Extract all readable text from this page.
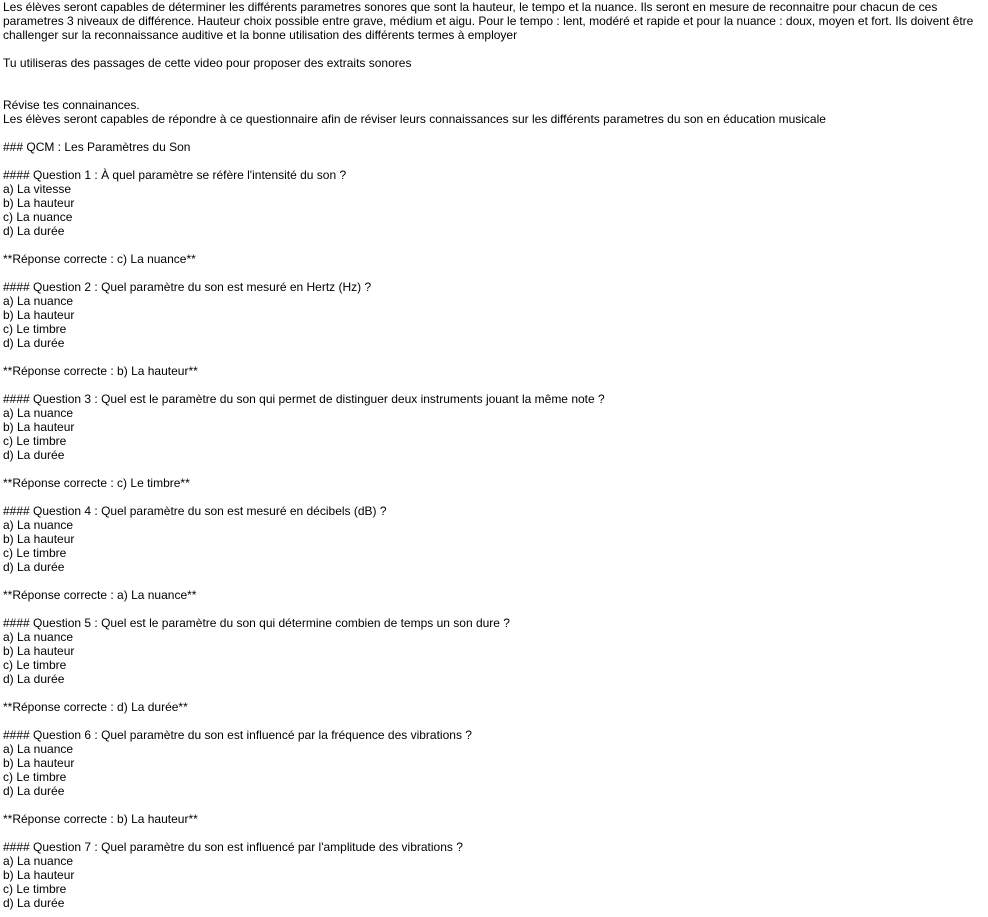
Les élèves seront capables de déterminer les différents parametres sonores que sont la hauteur, le tempo et la nuance. Ils seront en mesure de reconnaitre pour chacun de ces parametres 3 niveaux de différence. Hauteur choix possible entre grave, médium et aigu. Pour le tempo : lent, modéré et rapide et pour la nuance : doux, moyen et fort. Ils doivent être challenger sur la reconnaissance auditive et la bonne utilisation des différents termes à employer
Tu utiliseras des passages de cette video pour proposer des extraits sonores
Révise tes connainances.
Les élèves seront capables de répondre à ce questionnaire afin de réviser leurs connaissances sur les différents parametres du son en éducation musicale
### QCM : Les Paramètres du Son
#### Question 1 : À quel paramètre se réfère l'intensité du son ?
a) La vitesse
b) La hauteur
c) La nuance
d) La durée
**Réponse correcte : c) La nuance**
#### Question 2 : Quel paramètre du son est mesuré en Hertz (Hz) ?
a) La nuance
b) La hauteur
c) Le timbre
d) La durée
**Réponse correcte : b) La hauteur**
#### Question 3 : Quel est le paramètre du son qui permet de distinguer deux instruments jouant la même note ?
a) La nuance
b) La hauteur
c) Le timbre
d) La durée
**Réponse correcte : c) Le timbre**
#### Question 4 : Quel paramètre du son est mesuré en décibels (dB) ?
a) La nuance
b) La hauteur
c) Le timbre
d) La durée
**Réponse correcte : a) La nuance**
#### Question 5 : Quel est le paramètre du son qui détermine combien de temps un son dure ?
a) La nuance
b) La hauteur
c) Le timbre
d) La durée
**Réponse correcte : d) La durée**
#### Question 6 : Quel paramètre du son est influencé par la fréquence des vibrations ?
a) La nuance
b) La hauteur
c) Le timbre
d) La durée
**Réponse correcte : b) La hauteur**
#### Question 7 : Quel paramètre du son est influencé par l'amplitude des vibrations ?
a) La nuance
b) La hauteur
c) Le timbre
d) La durée
